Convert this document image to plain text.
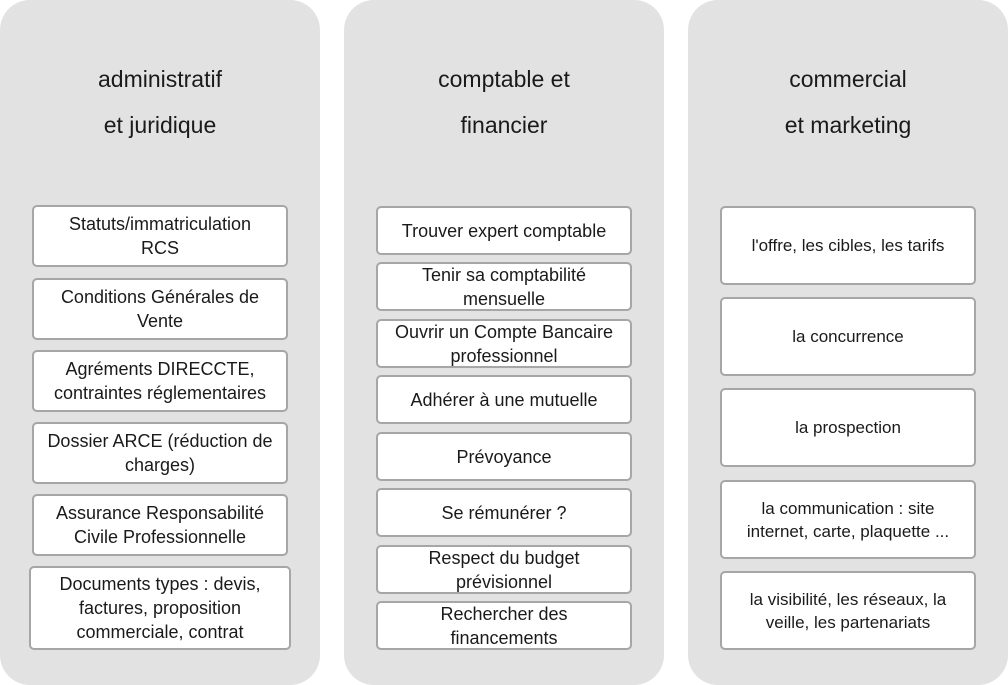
administratif
et juridique
Statuts/immatriculation
RCS
Conditions Générales de
Vente
Agréments DIRECCTE,
contraintes réglementaires
Dossier ARCE (réduction de
charges)
Assurance Responsabilité
Civile Professionnelle
Documents types : devis,
factures, proposition
commerciale, contrat
comptable et
financier
Trouver expert comptable
Tenir sa comptabilité
mensuelle
Ouvrir un Compte Bancaire
professionnel
Adhérer à une mutuelle
Prévoyance
Se rémunérer ?
Respect du budget
prévisionnel
Rechercher des
financements
commercial
et marketing
l'offre, les cibles, les tarifs
la concurrence
la prospection
la communication : site
internet, carte, plaquette ...
la visibilité, les réseaux, la
veille, les partenariats
